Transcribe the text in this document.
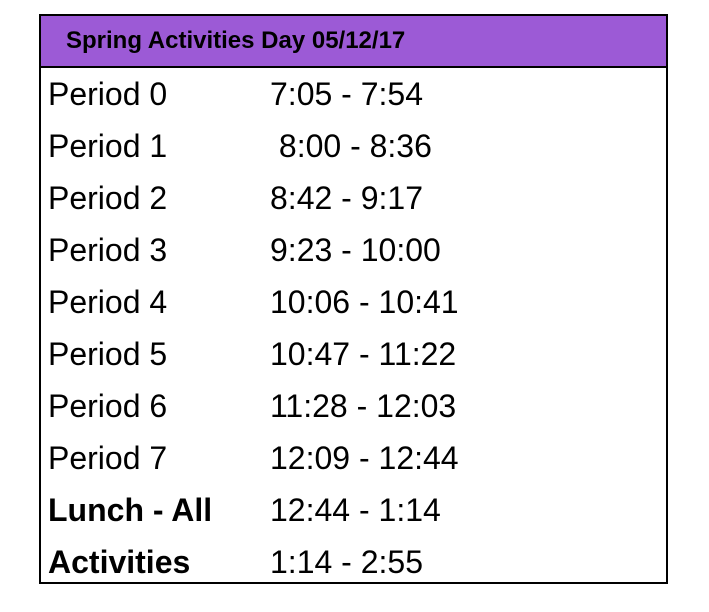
Spring Activities Day 05/12/17
Period 0	7:05 - 7:54
Period 1	8:00 - 8:36
Period 2	8:42 - 9:17
Period 3	9:23 - 10:00
Period 4	10:06 - 10:41
Period 5	10:47 - 11:22
Period 6	11:28 - 12:03
Period 7	12:09 - 12:44
Lunch - All 12:44 - 1:14
Activities 1:14 - 2:55
